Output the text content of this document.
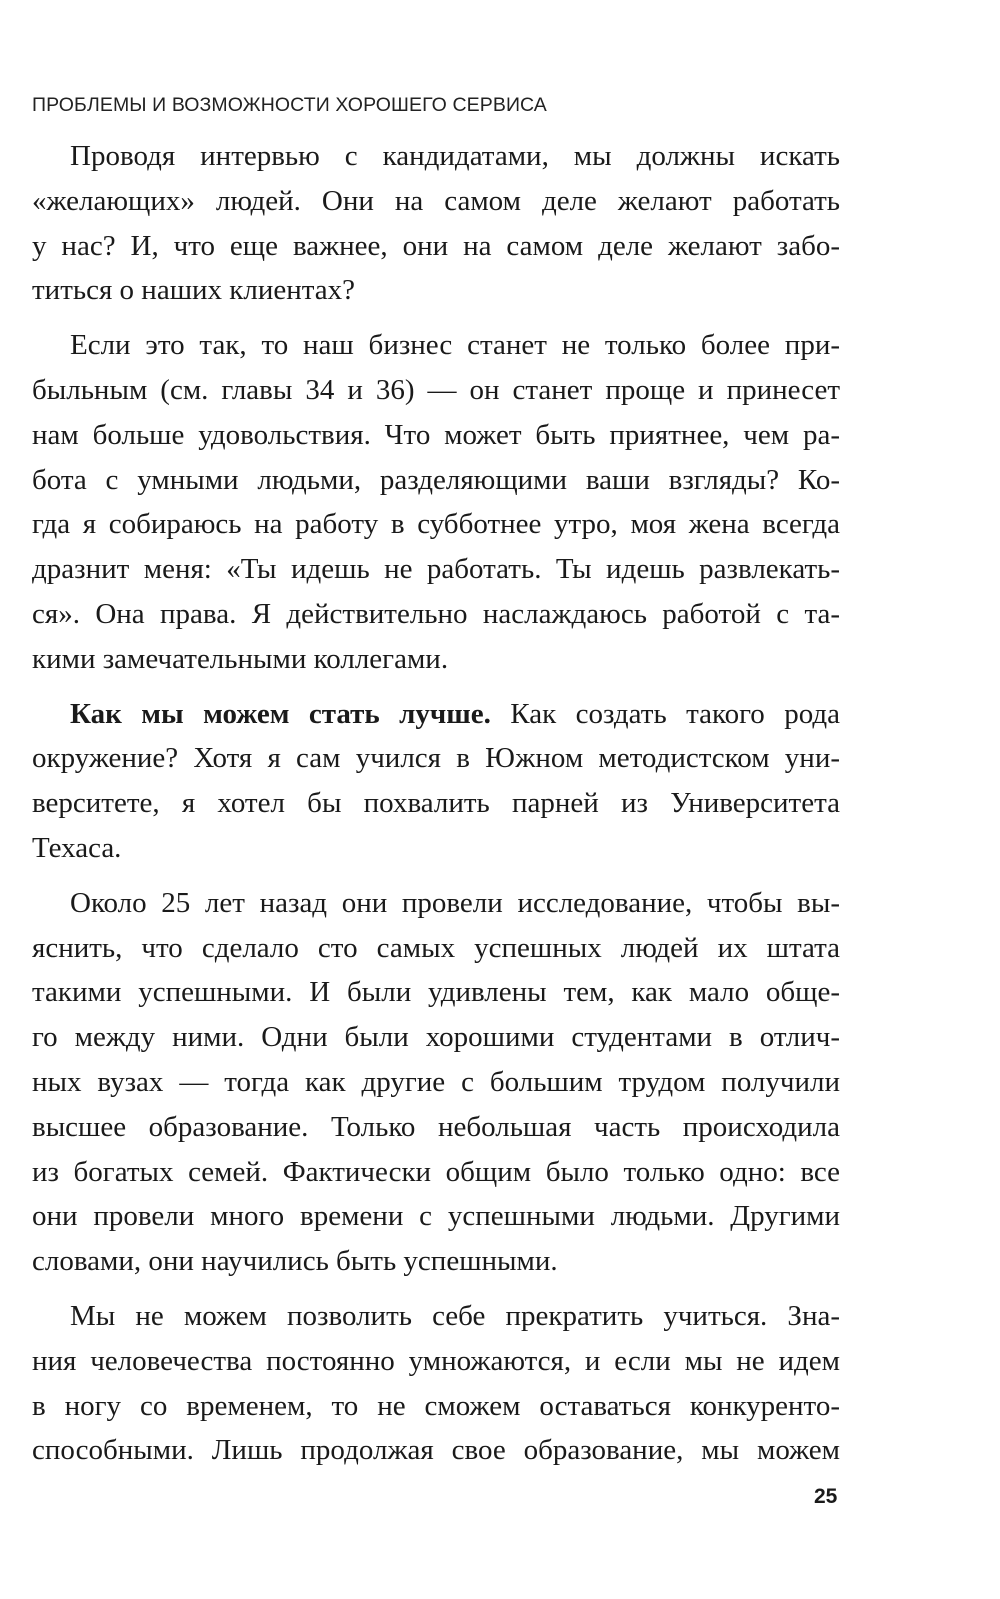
ПРОБЛЕМЫ И ВОЗМОЖНОСТИ ХОРОШЕГО СЕРВИСА
Проводя интервью с кандидатами, мы должны искать
«желающих» людей. Они на самом деле желают работать
у нас? И, что еще важнее, они на самом деле желают забо-
титься о наших клиентах?
Если это так, то наш бизнес станет не только более при-
быльным (см. главы 34 и 36) — он станет проще и принесет
нам больше удовольствия. Что может быть приятнее, чем ра-
бота с умными людьми, разделяющими ваши взгляды? Ко-
гда я собираюсь на работу в субботнее утро, моя жена всегда
дразнит меня: «Ты идешь не работать. Ты идешь развлекать-
ся». Она права. Я действительно наслаждаюсь работой с та-
кими замечательными коллегами.
Как мы можем стать лучше. Как создать такого рода
окружение? Хотя я сам учился в Южном методистском уни-
верситете, я хотел бы похвалить парней из Университета
Техаса.
Около 25 лет назад они провели исследование, чтобы вы-
яснить, что сделало сто самых успешных людей их штата
такими успешными. И были удивлены тем, как мало обще-
го между ними. Одни были хорошими студентами в отлич-
ных вузах — тогда как другие с большим трудом получили
высшее образование. Только небольшая часть происходила
из богатых семей. Фактически общим было только одно: все
они провели много времени с успешными людьми. Другими
словами, они научились быть успешными.
Мы не можем позволить себе прекратить учиться. Зна-
ния человечества постоянно умножаются, и если мы не идем
в ногу со временем, то не сможем оставаться конкуренто-
способными. Лишь продолжая свое образование, мы можем
25
